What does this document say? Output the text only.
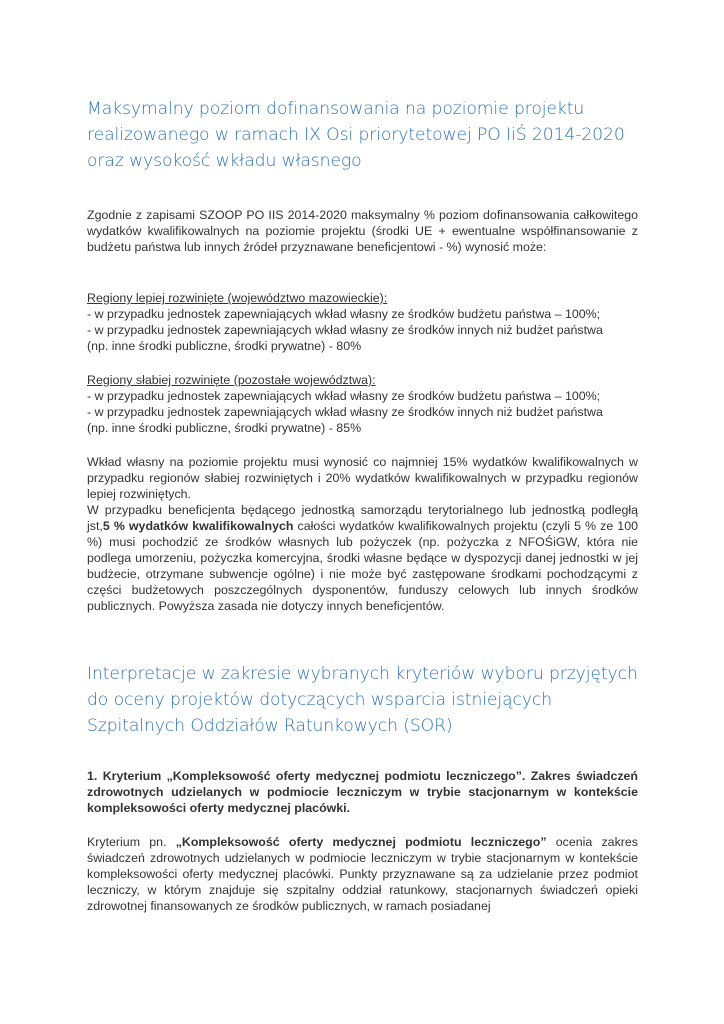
Maksymalny poziom dofinansowania na poziomie projektu realizowanego w ramach IX Osi priorytetowej PO IiŚ 2014-2020 oraz wysokość wkładu własnego

Zgodnie z zapisami SZOOP PO IIS 2014-2020 maksymalny % poziom dofinansowania całkowitego wydatków kwalifikowalnych na poziomie projektu (środki UE + ewentualne współfinansowanie z budżetu państwa lub innych źródeł przyznawane beneficjentowi - %) wynosić może:

Regiony lepiej rozwinięte (województwo mazowieckie):

- w przypadku jednostek zapewniających wkład własny ze środków budżetu państwa – 100%;

- w przypadku jednostek zapewniających wkład własny ze środków innych niż budżet państwa

(np. inne środki publiczne, środki prywatne) - 80%

Regiony słabiej rozwinięte (pozostałe województwa):

- w przypadku jednostek zapewniających wkład własny ze środków budżetu państwa – 100%;

- w przypadku jednostek zapewniających wkład własny ze środków innych niż budżet państwa

(np. inne środki publiczne, środki prywatne) - 85%

Wkład własny na poziomie projektu musi wynosić co najmniej 15% wydatków kwalifikowalnych w przypadku regionów słabiej rozwiniętych i 20% wydatków kwalifikowalnych w przypadku regionów lepiej rozwiniętych.

W przypadku beneficjenta będącego jednostką samorządu terytorialnego lub jednostką podległą jst,5 % wydatków kwalifikowalnych całości wydatków kwalifikowalnych projektu (czyli 5 % ze 100 %) musi pochodzić ze środków własnych lub pożyczek (np. pożyczka z NFOŚiGW, która nie podlega umorzeniu, pożyczka komercyjna, środki własne będące w dyspozycji danej jednostki w jej budżecie, otrzymane subwencje ogólne) i nie może być zastępowane środkami pochodzącymi z części budżetowych poszczególnych dysponentów, funduszy celowych lub innych środków publicznych. Powyższa zasada nie dotyczy innych beneficjentów.

Interpretacje w zakresie wybranych kryteriów wyboru przyjętych do oceny projektów dotyczących wsparcia istniejących Szpitalnych Oddziałów Ratunkowych (SOR)

1. Kryterium „Kompleksowość oferty medycznej podmiotu leczniczego”. Zakres świadczeń zdrowotnych udzielanych w podmiocie leczniczym w trybie stacjonarnym w kontekście kompleksowości oferty medycznej placówki.

Kryterium pn. „Kompleksowość oferty medycznej podmiotu leczniczego” ocenia zakres świadczeń zdrowotnych udzielanych w podmiocie leczniczym w trybie stacjonarnym w kontekście kompleksowości oferty medycznej placówki. Punkty przyznawane są za udzielanie przez podmiot leczniczy, w którym znajduje się szpitalny oddział ratunkowy, stacjonarnych świadczeń opieki zdrowotnej finansowanych ze środków publicznych, w ramach posiadanej
